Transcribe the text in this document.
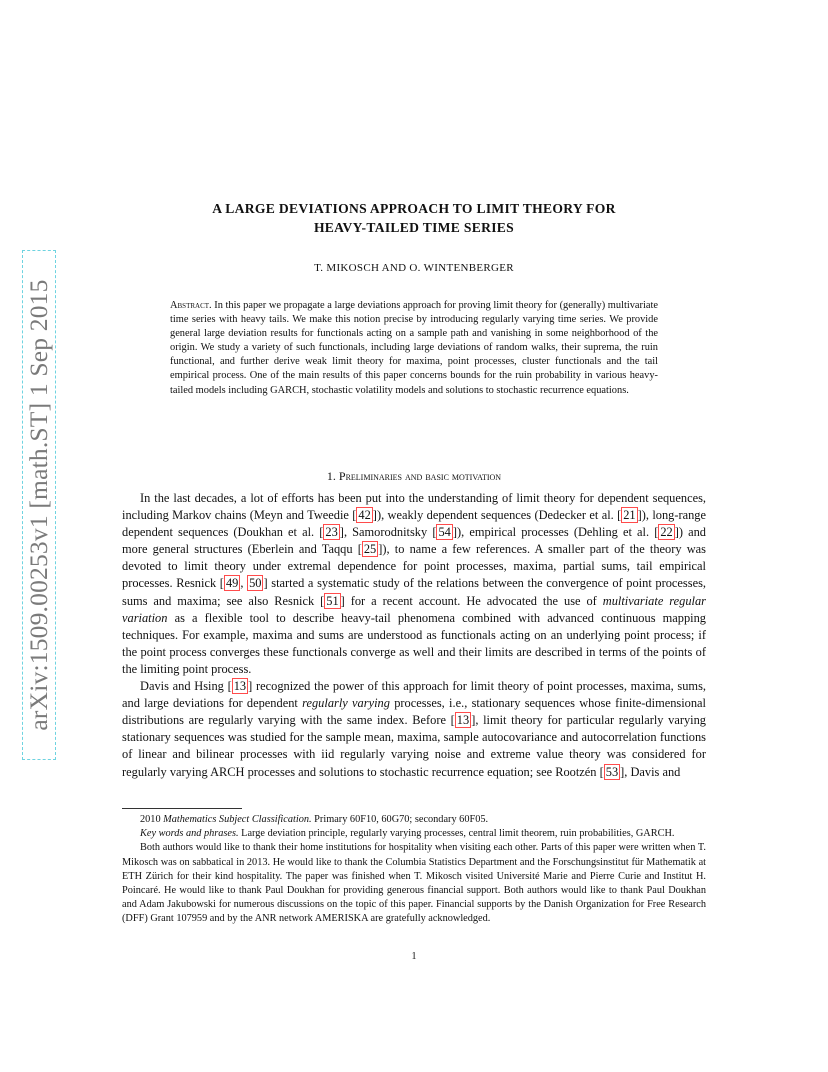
arXiv:1509.00253v1 [math.ST] 1 Sep 2015
A LARGE DEVIATIONS APPROACH TO LIMIT THEORY FOR
HEAVY-TAILED TIME SERIES
T. MIKOSCH AND O. WINTENBERGER
Abstract. In this paper we propagate a large deviations approach for proving limit theory for (generally) multivariate time series with heavy tails. We make this notion precise by introducing regularly varying time series. We provide general large deviation results for functionals acting on a sample path and vanishing in some neighborhood of the origin. We study a variety of such functionals, including large deviations of random walks, their suprema, the ruin functional, and further derive weak limit theory for maxima, point processes, cluster functionals and the tail empirical process. One of the main results of this paper concerns bounds for the ruin probability in various heavy-tailed models including GARCH, stochastic volatility models and solutions to stochastic recurrence equations.
1. Preliminaries and basic motivation

In the last decades, a lot of efforts has been put into the understanding of limit theory for dependent sequences, including Markov chains (Meyn and Tweedie [ 42 ]), weakly dependent sequences (Dedecker et al. [ 21 ]), long-range dependent sequences (Doukhan et al. [ 23 ], Samorodnitsky [ 54 ]), empirical processes (Dehling et al. [ 22 ]) and more general structures (Eberlein and Taqqu [ 25 ]), to name a few references. A smaller part of the theory was devoted to limit theory under extremal dependence for point processes, maxima, partial sums, tail empirical processes. Resnick [ 49 , 50 ] started a systematic study of the relations between the convergence of point processes, sums and maxima; see also Resnick [ 51 ] for a recent account. He advocated the use of multivariate regular variation as a flexible tool to describe heavy-tail phenomena combined with advanced continuous mapping techniques. For example, maxima and sums are understood as functionals acting on an underlying point process; if the point process converges these functionals converge as well and their limits are described in terms of the points of the limiting point process.

Davis and Hsing [ 13 ] recognized the power of this approach for limit theory of point processes, maxima, sums, and large deviations for dependent regularly varying processes, i.e., stationary sequences whose finite-dimensional distributions are regularly varying with the same index. Before [ 13 ], limit theory for particular regularly varying stationary sequences was studied for the sample mean, maxima, sample autocovariance and autocorrelation functions of linear and bilinear processes with iid regularly varying noise and extreme value theory was considered for regularly varying ARCH processes and solutions to stochastic recurrence equation; see Rootzén [ 53 ], Davis and

2010 Mathematics Subject Classification. Primary 60F10, 60G70; secondary 60F05.

Key words and phrases. Large deviation principle, regularly varying processes, central limit theorem, ruin probabilities, GARCH.

Both authors would like to thank their home institutions for hospitality when visiting each other. Parts of this paper were written when T. Mikosch was on sabbatical in 2013. He would like to thank the Columbia Statistics Department and the Forschungsinstitut für Mathematik at ETH Zürich for their kind hospitality. The paper was finished when T. Mikosch visited Université Marie and Pierre Curie and Institut H. Poincaré. He would like to thank Paul Doukhan for providing generous financial support. Both authors would like to thank Paul Doukhan and Adam Jakubowski for numerous discussions on the topic of this paper. Financial supports by the Danish Organization for Free Research (DFF) Grant 107959 and by the ANR network AMERISKA are gratefully acknowledged.

1
